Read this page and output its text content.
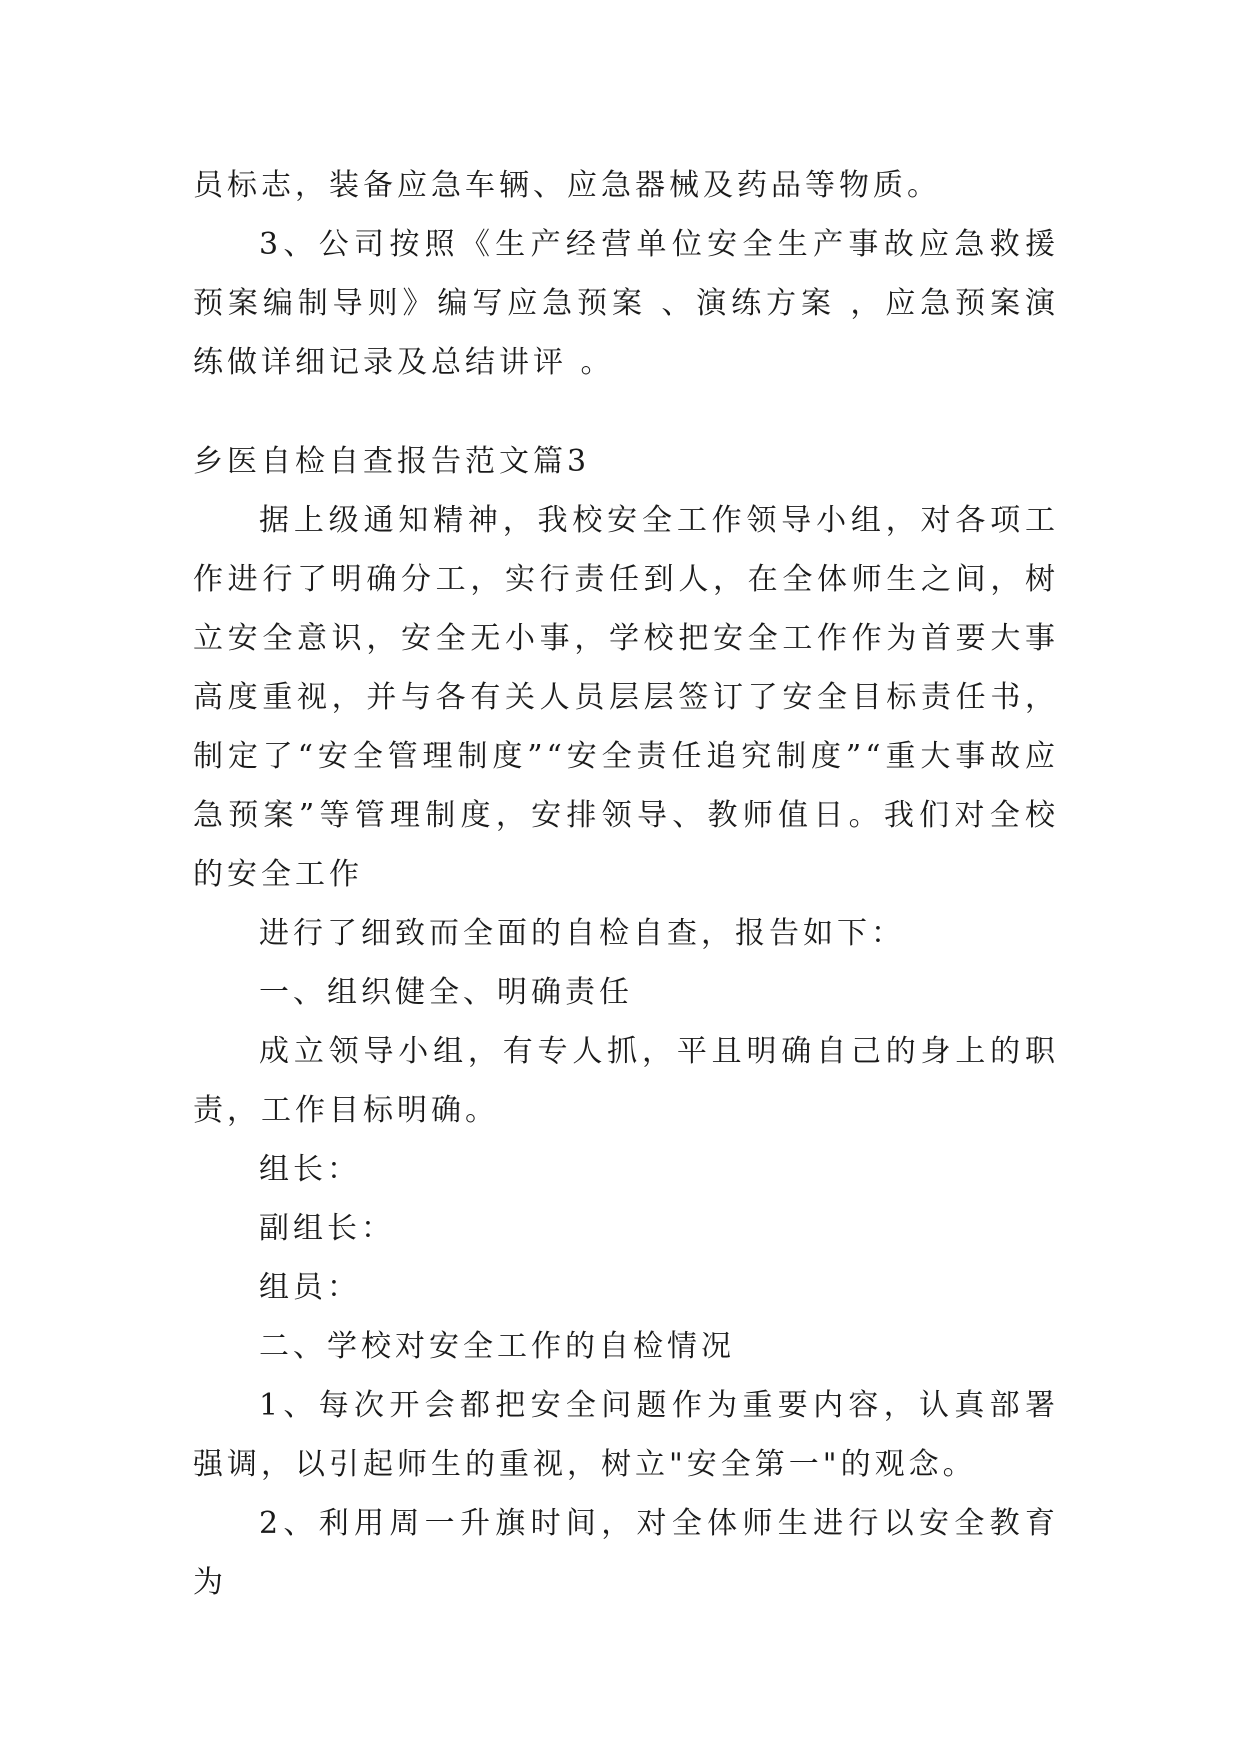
员标志，装备应急车辆、应急器械及药品等物质。

3、公司按照《生产经营单位安全生产事故应急救援预案编制导则》编写应急预案 、演练方案 ，应急预案演练做详细记录及总结讲评 。

乡医自检自查报告范文篇3

据上级通知精神，我校安全工作领导小组，对各项工作进行了明确分工，实行责任到人，在全体师生之间，树立安全意识，安全无小事，学校把安全工作作为首要大事高度重视，并与各有关人员层层签订了安全目标责任书，制定了“安全管理制度”“安全责任追究制度”“重大事故应急预案”等管理制度，安排领导、教师值日。我们对全校的安全工作

进行了细致而全面的自检自查，报告如下：

一、组织健全、明确责任

成立领导小组，有专人抓，平且明确自己的身上的职责，工作目标明确。

组长：

副组长：

组员：

二、学校对安全工作的自检情况

1、每次开会都把安全问题作为重要内容，认真部署强调，以引起师生的重视，树立"安全第一"的观念。

2、利用周一升旗时间，对全体师生进行以安全教育为
